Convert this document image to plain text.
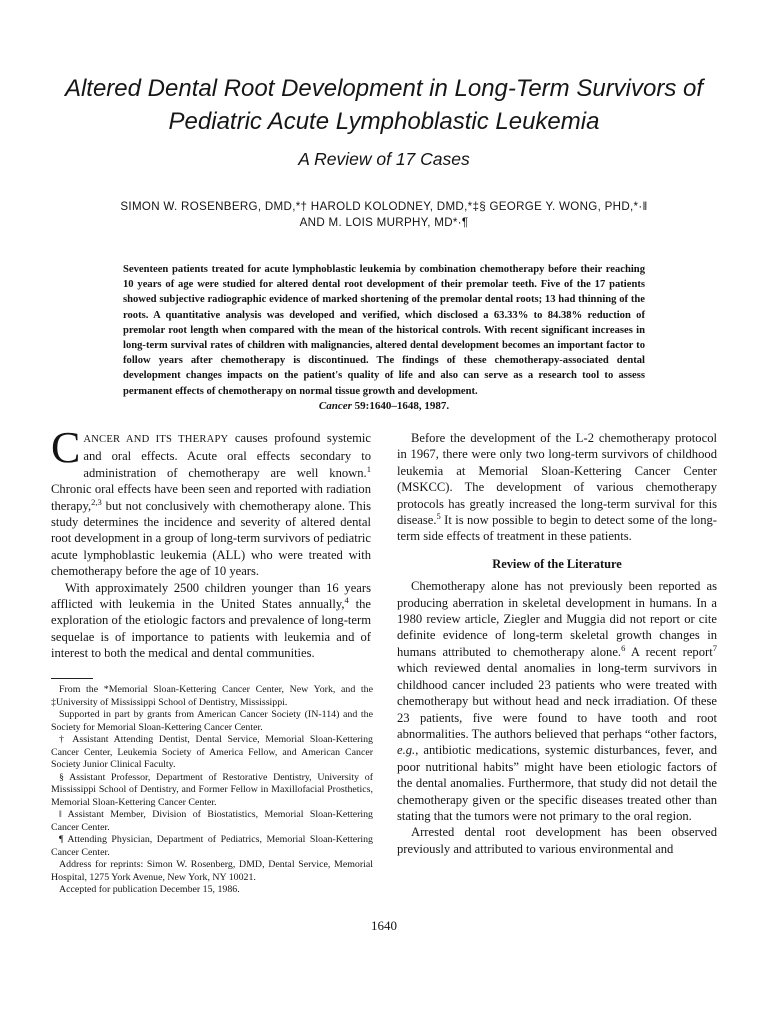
Altered Dental Root Development in Long-Term Survivors of
Pediatric Acute Lymphoblastic Leukemia
A Review of 17 Cases
SIMON W. ROSENBERG, DMD,*† HAROLD KOLODNEY, DMD,*‡§ GEORGE Y. WONG, PHD,*·‖
AND M. LOIS MURPHY, MD*·¶
Seventeen patients treated for acute lymphoblastic leukemia by combination chemotherapy before their reaching 10 years of age were studied for altered dental root development of their premolar teeth. Five of the 17 patients showed subjective radiographic evidence of marked shortening of the premolar dental roots; 13 had thinning of the roots. A quantitative analysis was developed and verified, which disclosed a 63.33% to 84.38% reduction of premolar root length when compared with the mean of the historical controls. With recent significant increases in long-term survival rates of children with malignancies, altered dental development becomes an important factor to follow years after chemotherapy is discontinued. The findings of these chemotherapy-associated dental development changes impacts on the patient's quality of life and also can serve as a research tool to assess permanent effects of chemotherapy on normal tissue growth and development.
Cancer 59:1640–1648, 1987.

CANCER AND ITS THERAPY causes profound systemic and oral effects. Acute oral effects secondary to administration of chemotherapy are well known.$^1$ Chronic oral effects have been seen and reported with radiation therapy,$^{2,3}$ but not conclusively with chemotherapy alone. This study determines the incidence and severity of altered dental root development in a group of long-term survivors of pediatric acute lymphoblastic leukemia (ALL) who were treated with chemotherapy before the age of 10 years.

With approximately 2500 children younger than 16 years afflicted with leukemia in the United States annually,$^4$ the exploration of the etiologic factors and prevalence of long-term sequelae is of importance to patients with leukemia and of interest to both the medical and dental communities.

From the *Memorial Sloan-Kettering Cancer Center, New York, and the ‡University of Mississippi School of Dentistry, Mississippi.

Supported in part by grants from American Cancer Society (IN-114) and the Society for Memorial Sloan-Kettering Cancer Center.

† Assistant Attending Dentist, Dental Service, Memorial Sloan-Kettering Cancer Center, Leukemia Society of America Fellow, and American Cancer Society Junior Clinical Faculty.

§ Assistant Professor, Department of Restorative Dentistry, University of Mississippi School of Dentistry, and Former Fellow in Maxillofacial Prosthetics, Memorial Sloan-Kettering Cancer Center.

‖ Assistant Member, Division of Biostatistics, Memorial Sloan-Kettering Cancer Center.

¶ Attending Physician, Department of Pediatrics, Memorial Sloan-Kettering Cancer Center.

Address for reprints: Simon W. Rosenberg, DMD, Dental Service, Memorial Hospital, 1275 York Avenue, New York, NY 10021.

Accepted for publication December 15, 1986.

Before the development of the L-2 chemotherapy protocol in 1967, there were only two long-term survivors of childhood leukemia at Memorial Sloan-Kettering Cancer Center (MSKCC). The development of various chemotherapy protocols has greatly increased the long-term survival for this disease.$^5$ It is now possible to begin to detect some of the long-term side effects of treatment in these patients.

Review of the Literature

Chemotherapy alone has not previously been reported as producing aberration in skeletal development in humans. In a 1980 review article, Ziegler and Muggia did not report or cite definite evidence of long-term skeletal growth changes in humans attributed to chemotherapy alone.$^6$ A recent report$^7$ which reviewed dental anomalies in long-term survivors in childhood cancer included 23 patients who were treated with chemotherapy but without head and neck irradiation. Of these 23 patients, five were found to have tooth and root abnormalities. The authors believed that perhaps “other factors, e.g., antibiotic medications, systemic disturbances, fever, and poor nutritional habits” might have been etiologic factors of the dental anomalies. Furthermore, that study did not detail the chemotherapy given or the specific diseases treated other than stating that the tumors were not primary to the oral region.

Arrested dental root development has been observed previously and attributed to various environmental and

1640
